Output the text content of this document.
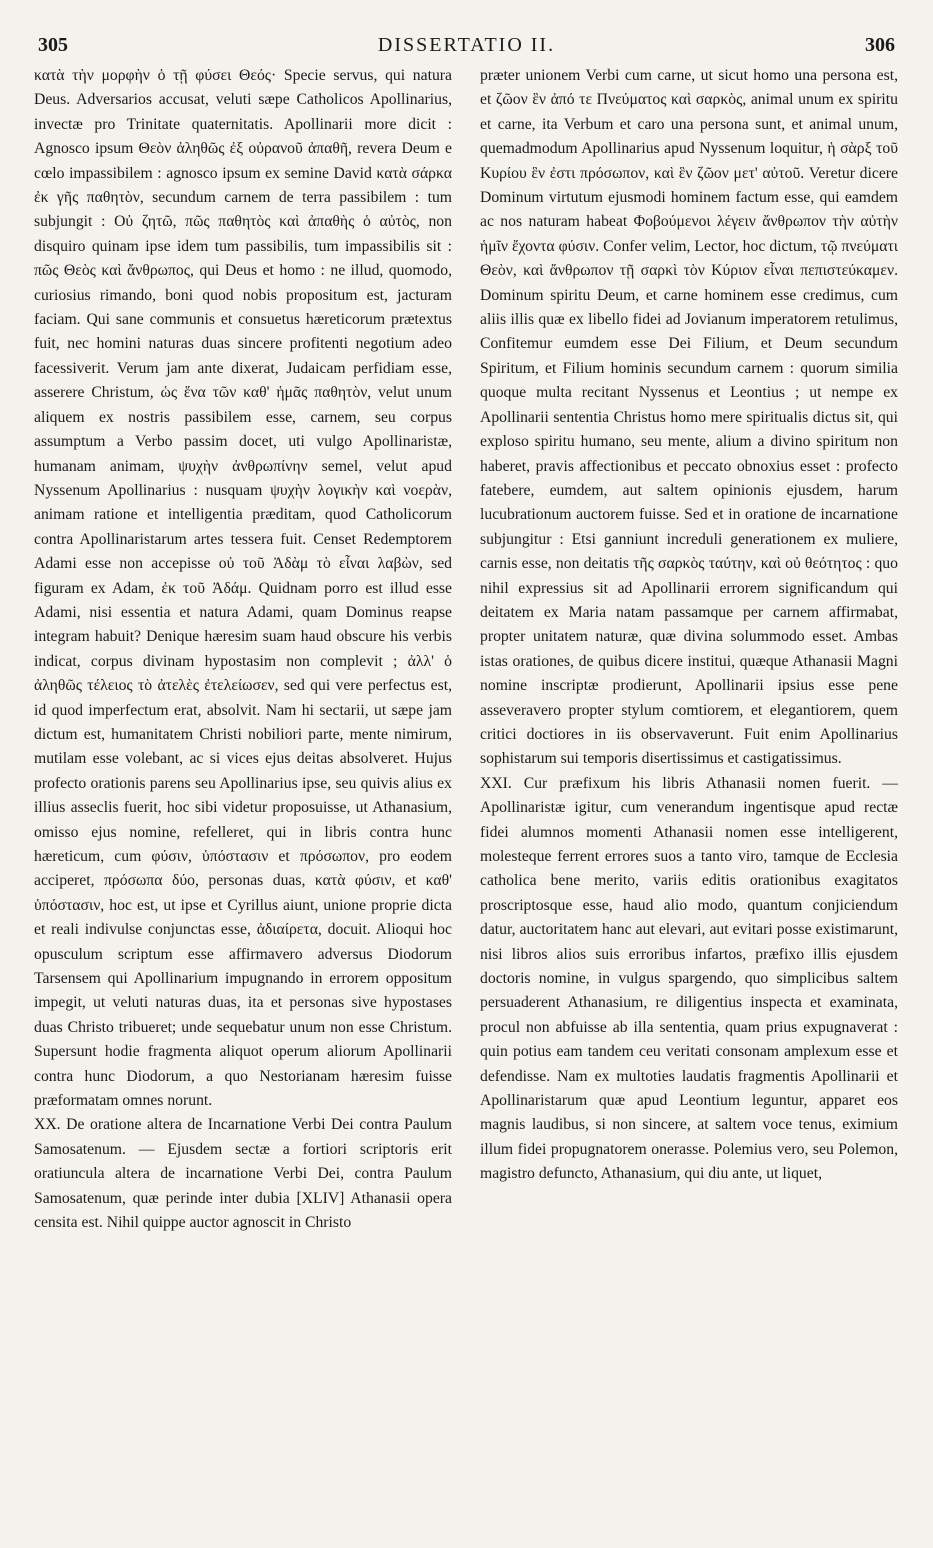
305	DISSERTATIO II.	306

κατὰ τὴν μορφὴν ὁ τῇ φύσει Θεός· Specie servus, qui natura Deus. Adversarios accusat, veluti sæpe Catholicos Apollinarius, invectæ pro Trinitate quaternitatis. Apollinarii more dicit : Agnosco ipsum Θεὸν ἀληθῶς ἐξ οὐρανοῦ ἀπαθῆ, revera Deum e cœlo impassibilem : agnosco ipsum ex semine David κατὰ σάρκα ἐκ γῆς παθητὸν, secundum carnem de terra passibilem : tum subjungit : Οὐ ζητῶ, πῶς παθητὸς καὶ ἀπαθὴς ὁ αὐτὸς, non disquiro quinam ipse idem tum passibilis, tum impassibilis sit : πῶς Θεὸς καὶ ἄνθρωπος, qui Deus et homo : ne illud, quomodo, curiosius rimando, boni quod nobis propositum est, jacturam faciam. Qui sane communis et consuetus hæreticorum prætextus fuit, nec homini naturas duas sincere profitenti negotium adeo facessiverit. Verum jam ante dixerat, Judaicam perfidiam esse, asserere Christum, ὡς ἕνα τῶν καθ' ἡμᾶς παθητὸν, velut unum aliquem ex nostris passibilem esse, carnem, seu corpus assumptum a Verbo passim docet, uti vulgo Apollinaristæ, humanam animam, ψυχὴν ἀνθρωπίνην semel, velut apud Nyssenum Apollinarius : nusquam ψυχὴν λογικὴν καὶ νοερὰν, animam ratione et intelligentia præditam, quod Catholicorum contra Apollinaristarum artes tessera fuit. Censet Redemptorem Adami esse non accepisse οὐ τοῦ Ἀδὰμ τὸ εἶναι λαβὼν, sed figuram ex Adam, ἐκ τοῦ Ἀδάμ. Quidnam porro est illud esse Adami, nisi essentia et natura Adami, quam Dominus reapse integram habuit? Denique hæresim suam haud obscure his verbis indicat, corpus divinam hypostasim non complevit ; ἀλλ' ὁ ἀληθῶς τέλειος τὸ ἀτελὲς ἐτελείωσεν, sed qui vere perfectus est, id quod imperfectum erat, absolvit. Nam hi sectarii, ut sæpe jam dictum est, humanitatem Christi nobiliori parte, mente nimirum, mutilam esse volebant, ac si vices ejus deitas absolveret. Hujus profecto orationis parens seu Apollinarius ipse, seu quivis alius ex illius asseclis fuerit, hoc sibi videtur proposuisse, ut Athanasium, omisso ejus nomine, refelleret, qui in libris contra hunc hæreticum, cum φύσιν, ὑπόστασιν et πρόσωπον, pro eodem acciperet, πρόσωπα δύο, personas duas, κατὰ φύσιν, et καθ' ὑπόστασιν, hoc est, ut ipse et Cyrillus aiunt, unione proprie dicta et reali indivulse conjunctas esse, ἀδιαίρετα, docuit. Alioqui hoc opusculum scriptum esse affirmavero adversus Diodorum Tarsensem qui Apollinarium impugnando in errorem oppositum impegit, ut veluti naturas duas, ita et personas sive hypostases duas Christo tribueret; unde sequebatur unum non esse Christum. Supersunt hodie fragmenta aliquot operum aliorum Apollinarii contra hunc Diodorum, a quo Nestorianam hæresim fuisse præformatam omnes norunt.

XX. De oratione altera de Incarnatione Verbi Dei contra Paulum Samosatenum. — Ejusdem sectæ a fortiori scriptoris erit oratiuncula altera de incarnatione Verbi Dei, contra Paulum Samosatenum, quæ perinde inter dubia [XLIV] Athanasii opera censita est. Nihil quippe auctor agnoscit in Christo

præter unionem Verbi cum carne, ut sicut homo una persona est, et ζῶον ἓν ἀπό τε Πνεύματος καὶ σαρκὸς, animal unum ex spiritu et carne, ita Verbum et caro una persona sunt, et animal unum, quemadmodum Apollinarius apud Nyssenum loquitur, ἡ σὰρξ τοῦ Κυρίου ἓν ἐστι πρόσωπον, καὶ ἓν ζῶον μετ' αὐτοῦ. Veretur dicere Dominum virtutum ejusmodi hominem factum esse, qui eamdem ac nos naturam habeat Φοβούμενοι λέγειν ἄνθρωπον τὴν αὐτὴν ἡμῖν ἔχοντα φύσιν. Confer velim, Lector, hoc dictum, τῷ πνεύματι Θεὸν, καὶ ἄνθρωπον τῇ σαρκὶ τὸν Κύριον εἶναι πεπιστεύκαμεν. Dominum spiritu Deum, et carne hominem esse credimus, cum aliis illis quæ ex libello fidei ad Jovianum imperatorem retulimus, Confitemur eumdem esse Dei Filium, et Deum secundum Spiritum, et Filium hominis secundum carnem : quorum similia quoque multa recitant Nyssenus et Leontius ; ut nempe ex Apollinarii sententia Christus homo mere spiritualis dictus sit, qui exploso spiritu humano, seu mente, alium a divino spiritum non haberet, pravis affectionibus et peccato obnoxius esset : profecto fatebere, eumdem, aut saltem opinionis ejusdem, harum lucubrationum auctorem fuisse. Sed et in oratione de incarnatione subjungitur : Etsi ganniunt increduli generationem ex muliere, carnis esse, non deitatis τῆς σαρκὸς ταύτην, καὶ οὐ θεότητος : quo nihil expressius sit ad Apollinarii errorem significandum qui deitatem ex Maria natam passamque per carnem affirmabat, propter unitatem naturæ, quæ divina solummodo esset. Ambas istas orationes, de quibus dicere institui, quæque Athanasii Magni nomine inscriptæ prodierunt, Apollinarii ipsius esse pene asseveravero propter stylum comtiorem, et elegantiorem, quem critici doctiores in iis observaverunt. Fuit enim Apollinarius sophistarum sui temporis disertissimus et castigatissimus.

XXI. Cur præfixum his libris Athanasii nomen fuerit. — Apollinaristæ igitur, cum venerandum ingentisque apud rectæ fidei alumnos momenti Athanasii nomen esse intelligerent, molesteque ferrent errores suos a tanto viro, tamque de Ecclesia catholica bene merito, variis editis orationibus exagitatos proscriptosque esse, haud alio modo, quantum conjiciendum datur, auctoritatem hanc aut elevari, aut evitari posse existimarunt, nisi libros alios suis erroribus infartos, præfixo illis ejusdem doctoris nomine, in vulgus spargendo, quo simplicibus saltem persuaderent Athanasium, re diligentius inspecta et examinata, procul non abfuisse ab illa sententia, quam prius expugnaverat : quin potius eam tandem ceu veritati consonam amplexum esse et defendisse. Nam ex multoties laudatis fragmentis Apollinarii et Apollinaristarum quæ apud Leontium leguntur, apparet eos magnis laudibus, si non sincere, at saltem voce tenus, eximium illum fidei propugnatorem onerasse. Polemius vero, seu Polemon, magistro defuncto, Athanasium, qui diu ante, ut liquet,
